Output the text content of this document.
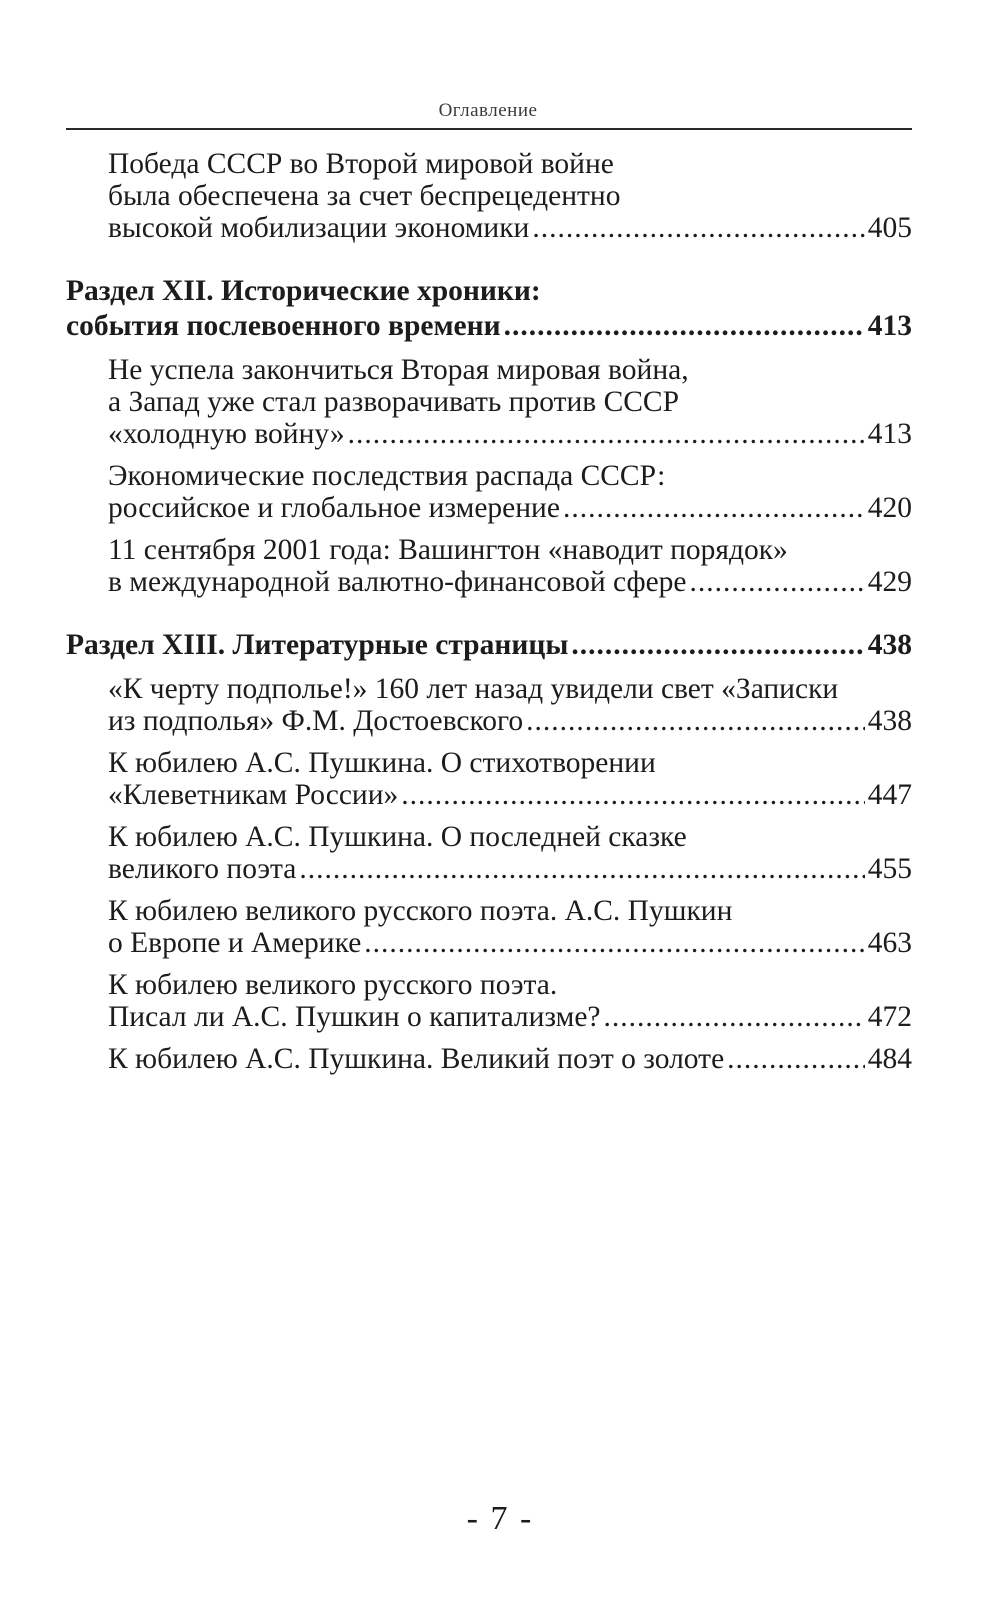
Оглавление
Победа СССР во Второй мировой войне
была обеспечена за счет беспрецедентно
высокой мобилизации экономики .....	405
Раздел XII. Исторические хроники:
события послевоенного времени .....	413
Не успела закончиться Вторая мировая война,
а Запад уже стал разворачивать против СССР
«холодную войну» .....	413
Экономические последствия распада СССР:
российское и глобальное измерение .....	420
11 сентября 2001 года: Вашингтон «наводит порядок»
в международной валютно-финансовой сфере .....	429
Раздел XIII. Литературные страницы .....	438
«К черту подполье!» 160 лет назад увидели свет «Записки
из подполья» Ф.М. Достоевского .....	438
К юбилею А.С. Пушкина. О стихотворении
«Клеветникам России» .....	447
К юбилею А.С. Пушкина. О последней сказке
великого поэта .....	455
К юбилею великого русского поэта. А.С. Пушкин
о Европе и Америке .....	463
К юбилею великого русского поэта.
Писал ли А.С. Пушкин о капитализме? .....	472
К юбилею А.С. Пушкина. Великий поэт о золоте .....	484
- 7 -
